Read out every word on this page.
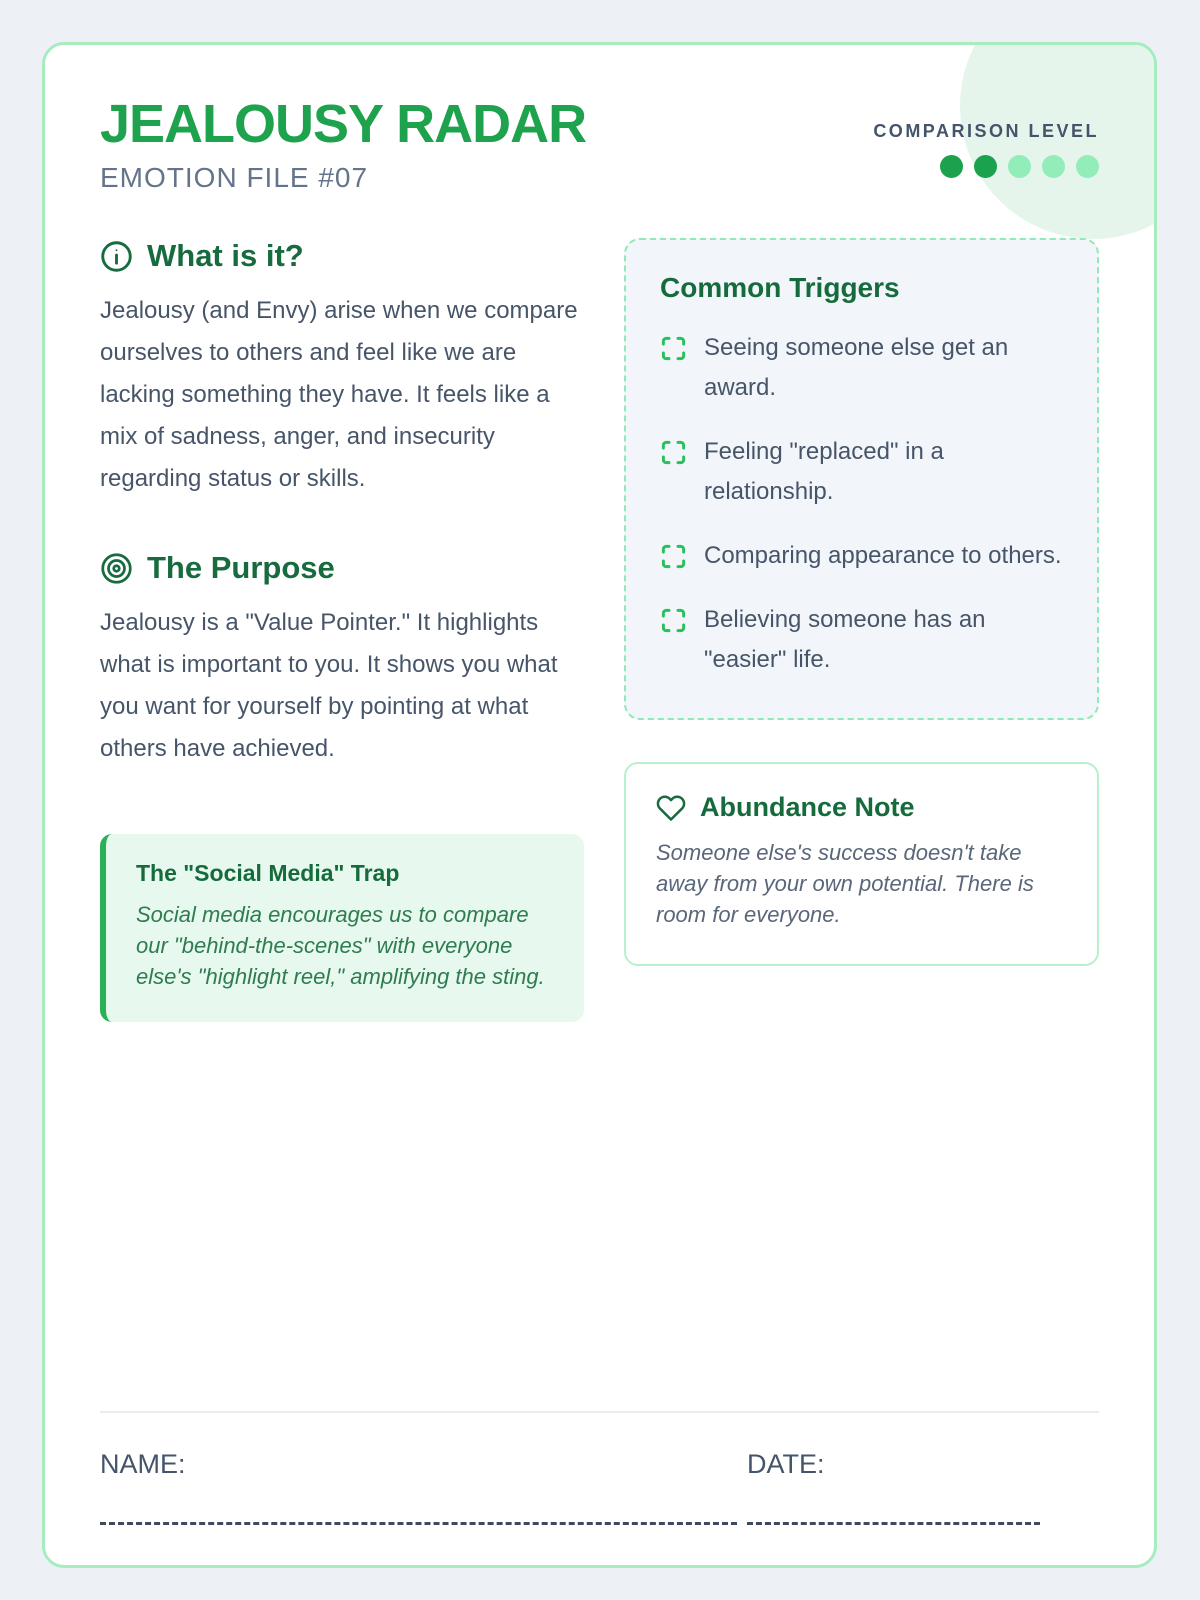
JEALOUSY RADAR
EMOTION FILE #07
COMPARISON LEVEL
What is it?

Jealousy (and Envy) arise when we compare ourselves to others and feel like we are lacking something they have. It feels like a mix of sadness, anger, and insecurity regarding status or skills.

The Purpose

Jealousy is a "Value Pointer." It highlights what is important to you. It shows you what you want for yourself by pointing at what others have achieved.

The "Social Media" Trap
Social media encourages us to compare our "behind-the-scenes" with everyone else's "highlight reel," amplifying the sting.
Common Triggers
Seeing someone else get an award.
Feeling "replaced" in a relationship.
Comparing appearance to others.
Believing someone has an "easier" life.
Abundance Note
Someone else's success doesn't take away from your own potential. There is room for everyone.
NAME:	DATE:
